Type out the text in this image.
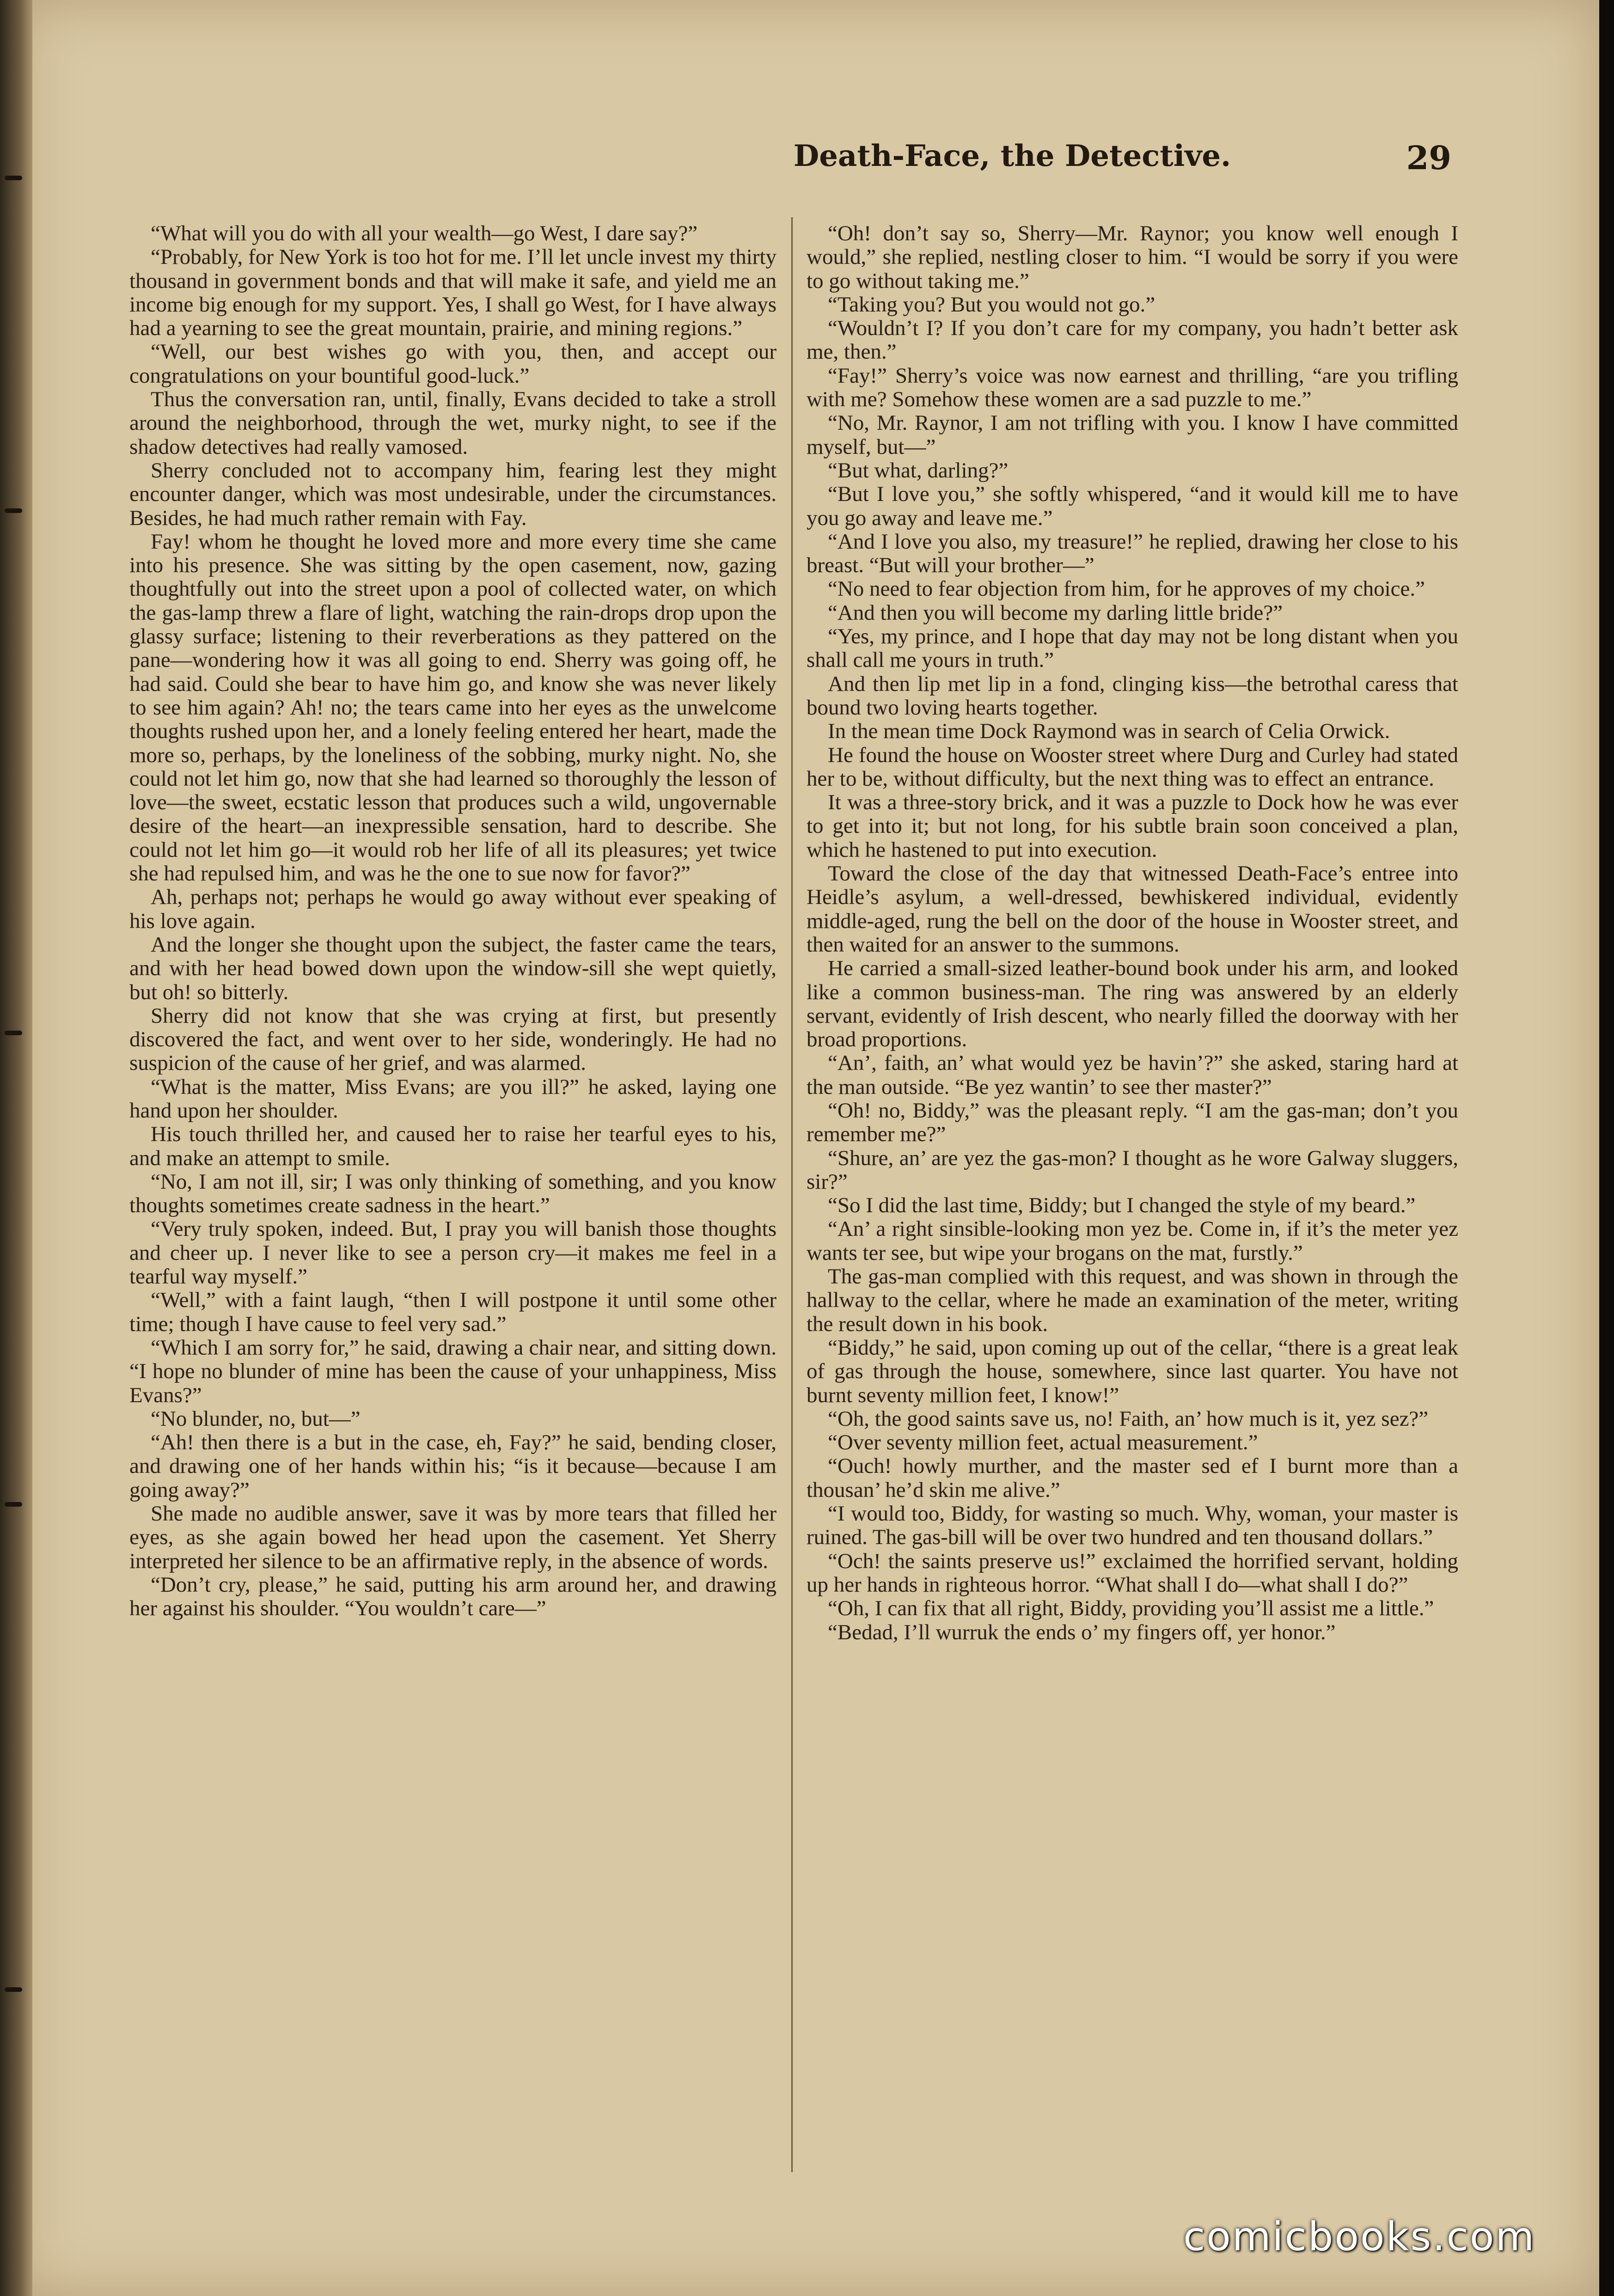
Death-Face, the Detective.	29

“What will you do with all your wealth—go West, I dare say?”

“Probably, for New York is too hot for me. I’ll let uncle invest my thirty thousand in government bonds and that will make it safe, and yield me an income big enough for my support. Yes, I shall go West, for I have always had a yearning to see the great mountain, prairie, and mining regions.”

“Well, our best wishes go with you, then, and accept our congratulations on your bountiful good-luck.”

Thus the conversation ran, until, finally, Evans decided to take a stroll around the neighborhood, through the wet, murky night, to see if the shadow detectives had really vamosed.

Sherry concluded not to accompany him, fearing lest they might encounter danger, which was most undesirable, under the circumstances. Besides, he had much rather remain with Fay.

Fay! whom he thought he loved more and more every time she came into his presence. She was sitting by the open casement, now, gazing thoughtfully out into the street upon a pool of collected water, on which the gas-lamp threw a flare of light, watching the rain-drops drop upon the glassy surface; listening to their reverberations as they pattered on the pane—wondering how it was all going to end. Sherry was going off, he had said. Could she bear to have him go, and know she was never likely to see him again? Ah! no; the tears came into her eyes as the unwelcome thoughts rushed upon her, and a lonely feeling entered her heart, made the more so, perhaps, by the loneliness of the sobbing, murky night. No, she could not let him go, now that she had learned so thoroughly the lesson of love—the sweet, ecstatic lesson that produces such a wild, ungovernable desire of the heart—an inexpressible sensation, hard to describe. She could not let him go—it would rob her life of all its pleasures; yet twice she had repulsed him, and was he the one to sue now for favor?”

Ah, perhaps not; perhaps he would go away without ever speaking of his love again.

And the longer she thought upon the subject, the faster came the tears, and with her head bowed down upon the window-sill she wept quietly, but oh! so bitterly.

Sherry did not know that she was crying at first, but presently discovered the fact, and went over to her side, wonderingly. He had no suspicion of the cause of her grief, and was alarmed.

“What is the matter, Miss Evans; are you ill?” he asked, laying one hand upon her shoulder.

His touch thrilled her, and caused her to raise her tearful eyes to his, and make an attempt to smile.

“No, I am not ill, sir; I was only thinking of something, and you know thoughts sometimes create sadness in the heart.”

“Very truly spoken, indeed. But, I pray you will banish those thoughts and cheer up. I never like to see a person cry—it makes me feel in a tearful way myself.”

“Well,” with a faint laugh, “then I will postpone it until some other time; though I have cause to feel very sad.”

“Which I am sorry for,” he said, drawing a chair near, and sitting down. “I hope no blunder of mine has been the cause of your unhappiness, Miss Evans?”

“No blunder, no, but—”

“Ah! then there is a but in the case, eh, Fay?” he said, bending closer, and drawing one of her hands within his; “is it because—because I am going away?”

She made no audible answer, save it was by more tears that filled her eyes, as she again bowed her head upon the casement. Yet Sherry interpreted her silence to be an affirmative reply, in the absence of words.

“Don’t cry, please,” he said, putting his arm around her, and drawing her against his shoulder. “You wouldn’t care—”

“Oh! don’t say so, Sherry—Mr. Raynor; you know well enough I would,” she replied, nestling closer to him. “I would be sorry if you were to go without taking me.”

“Taking you? But you would not go.”

“Wouldn’t I? If you don’t care for my company, you hadn’t better ask me, then.”

“Fay!” Sherry’s voice was now earnest and thrilling, “are you trifling with me? Somehow these women are a sad puzzle to me.”

“No, Mr. Raynor, I am not trifling with you. I know I have committed myself, but—”

“But what, darling?”

“But I love you,” she softly whispered, “and it would kill me to have you go away and leave me.”

“And I love you also, my treasure!” he replied, drawing her close to his breast. “But will your brother—”

“No need to fear objection from him, for he approves of my choice.”

“And then you will become my darling little bride?”

“Yes, my prince, and I hope that day may not be long distant when you shall call me yours in truth.”

And then lip met lip in a fond, clinging kiss—the betrothal caress that bound two loving hearts together.

In the mean time Dock Raymond was in search of Celia Orwick.

He found the house on Wooster street where Durg and Curley had stated her to be, without difficulty, but the next thing was to effect an entrance.

It was a three-story brick, and it was a puzzle to Dock how he was ever to get into it; but not long, for his subtle brain soon conceived a plan, which he hastened to put into execution.

Toward the close of the day that witnessed Death-Face’s entree into Heidle’s asylum, a well-dressed, bewhiskered individual, evidently middle-aged, rung the bell on the door of the house in Wooster street, and then waited for an answer to the summons.

He carried a small-sized leather-bound book under his arm, and looked like a common business-man. The ring was answered by an elderly servant, evidently of Irish descent, who nearly filled the doorway with her broad proportions.

“An’, faith, an’ what would yez be havin’?” she asked, staring hard at the man outside. “Be yez wantin’ to see ther master?”

“Oh! no, Biddy,” was the pleasant reply. “I am the gas-man; don’t you remember me?”

“Shure, an’ are yez the gas-mon? I thought as he wore Galway sluggers, sir?”

“So I did the last time, Biddy; but I changed the style of my beard.”

“An’ a right sinsible-looking mon yez be. Come in, if it’s the meter yez wants ter see, but wipe your brogans on the mat, furstly.”

The gas-man complied with this request, and was shown in through the hallway to the cellar, where he made an examination of the meter, writing the result down in his book.

“Biddy,” he said, upon coming up out of the cellar, “there is a great leak of gas through the house, somewhere, since last quarter. You have not burnt seventy million feet, I know!”

“Oh, the good saints save us, no! Faith, an’ how much is it, yez sez?”

“Over seventy million feet, actual measurement.”

“Ouch! howly murther, and the master sed ef I burnt more than a thousan’ he’d skin me alive.”

“I would too, Biddy, for wasting so much. Why, woman, your master is ruined. The gas-bill will be over two hundred and ten thousand dollars.”

“Och! the saints preserve us!” exclaimed the horrified servant, holding up her hands in righteous horror. “What shall I do—what shall I do?”

“Oh, I can fix that all right, Biddy, providing you’ll assist me a little.”

“Bedad, I’ll wurruk the ends o’ my fingers off, yer honor.”

comicbooks.com
